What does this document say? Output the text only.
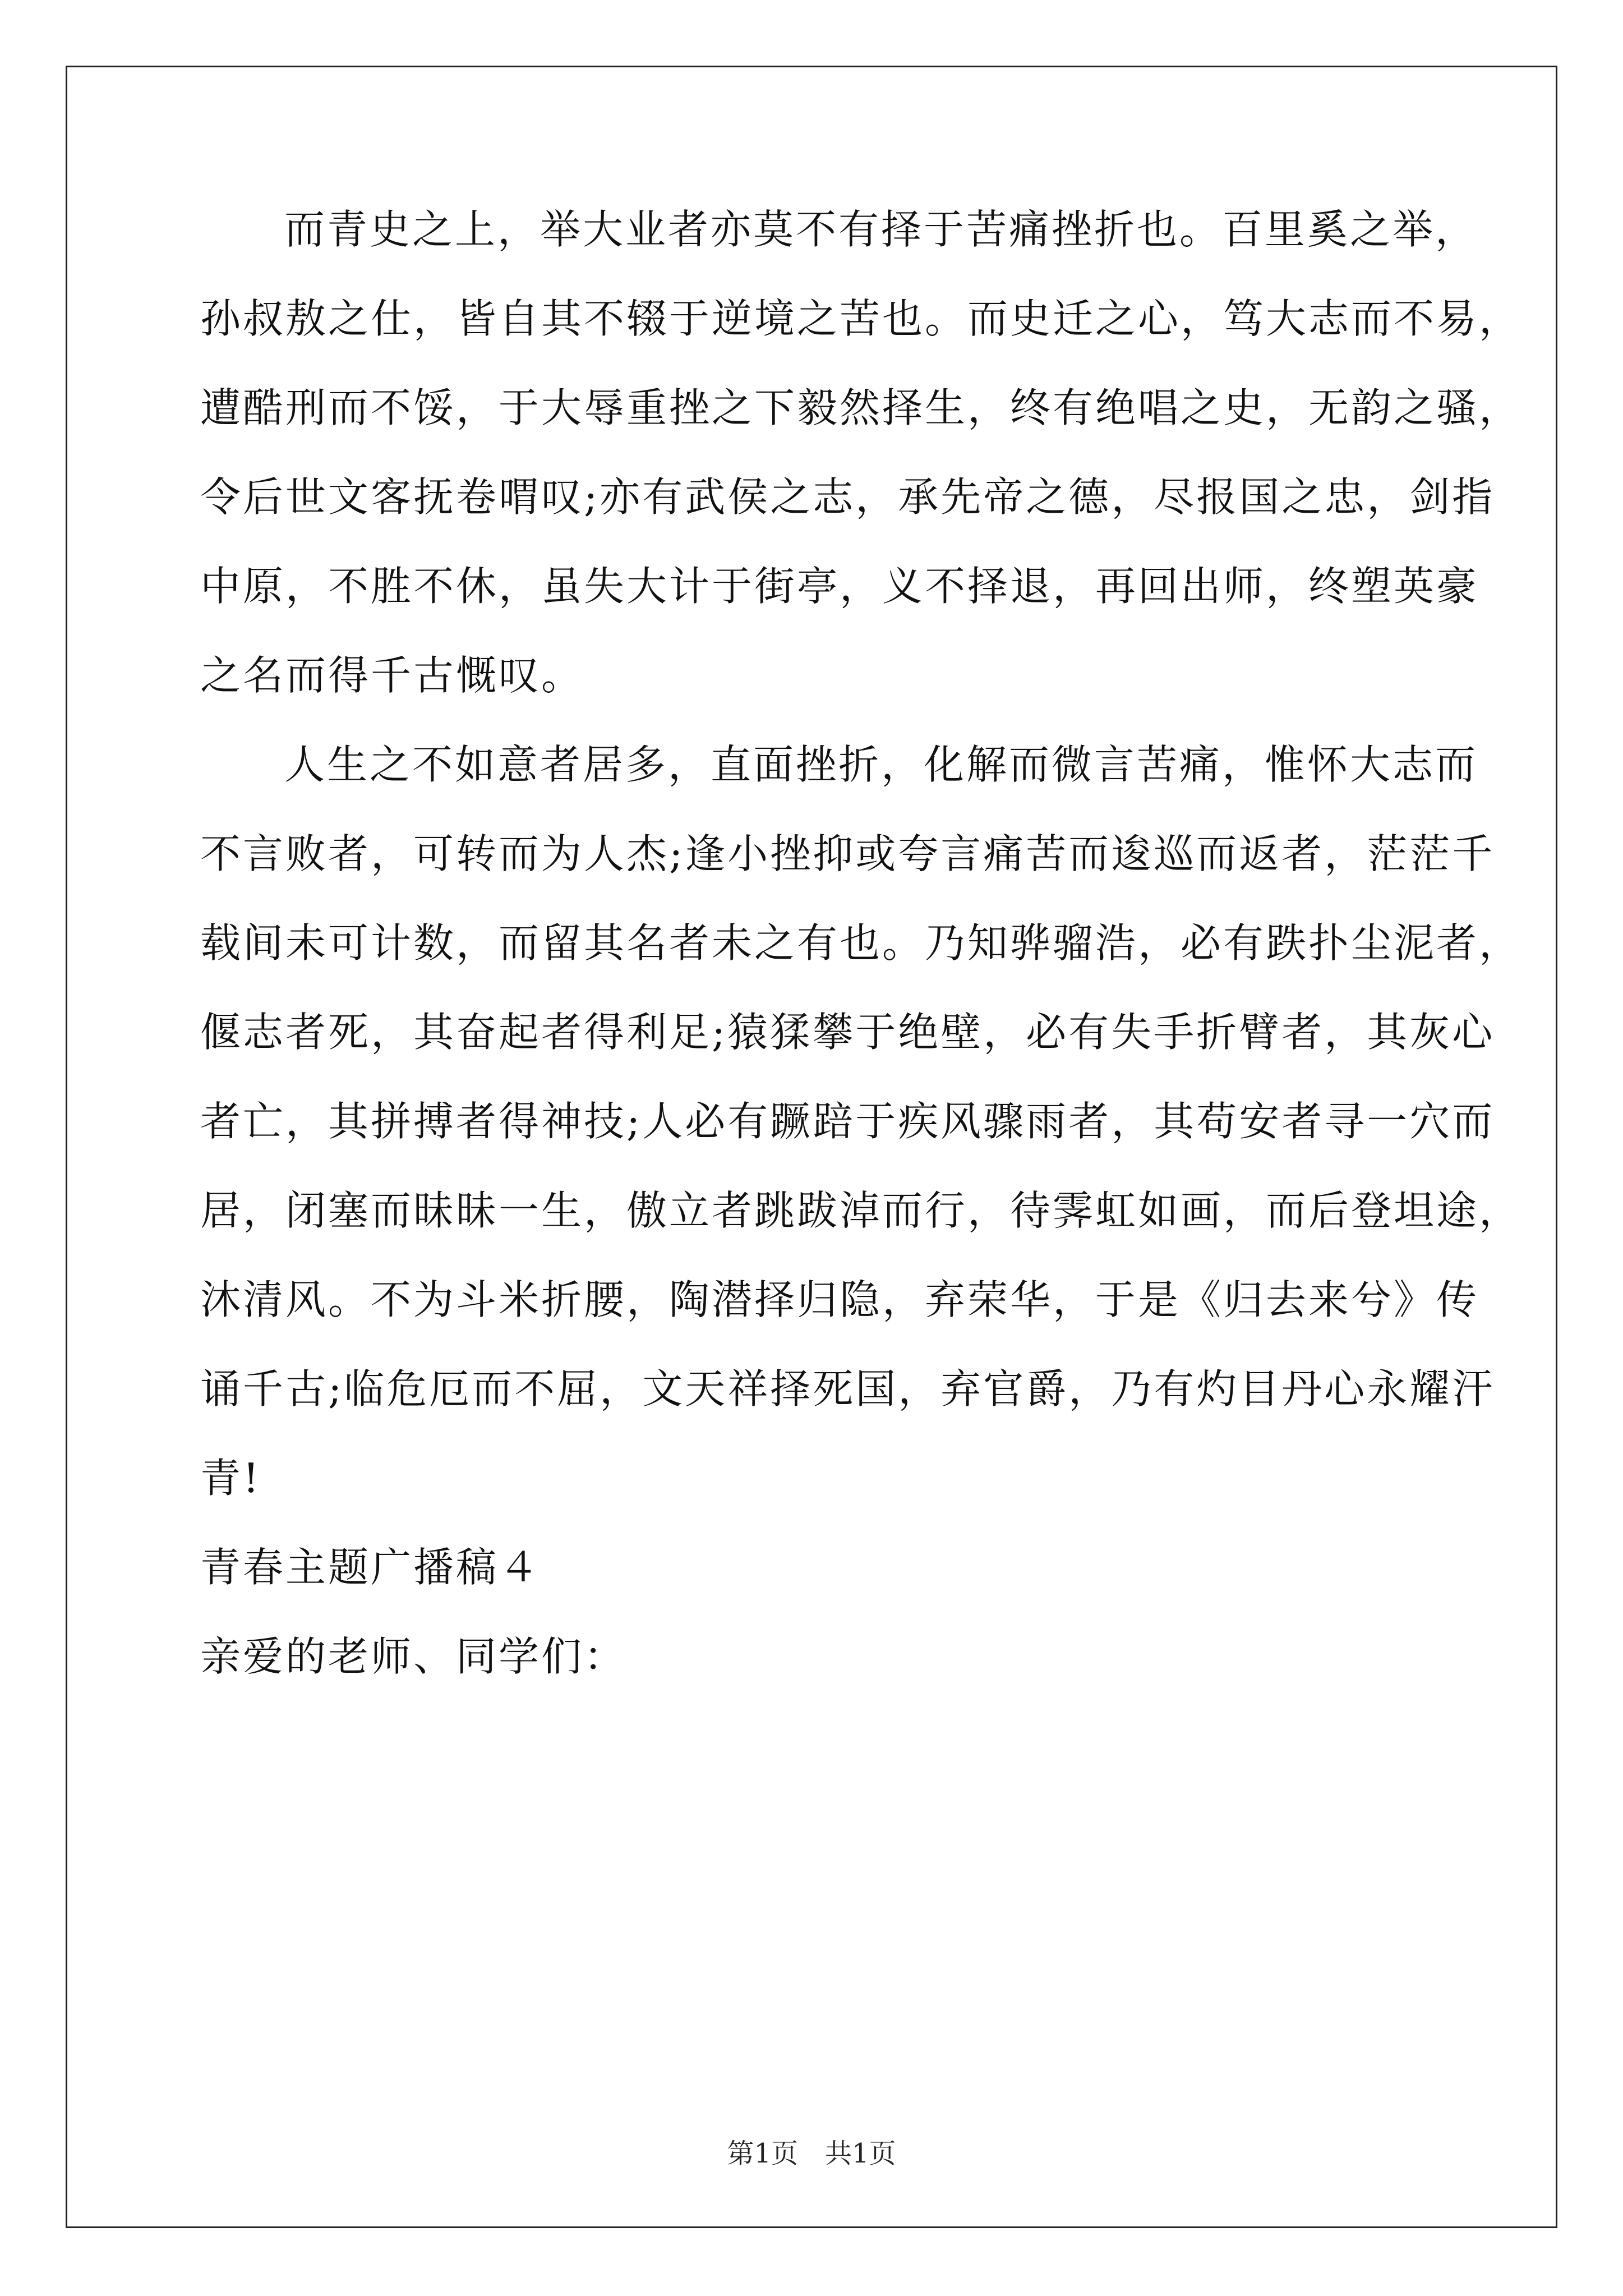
而青史之上，举大业者亦莫不有择于苦痛挫折也。百里奚之举，
孙叔敖之仕，皆自其不辍于逆境之苦也。而史迁之心，笃大志而不易，
遭酷刑而不馁，于大辱重挫之下毅然择生，终有绝唱之史，无韵之骚，
令后世文客抚卷喟叹;亦有武侯之志，承先帝之德，尽报国之忠，剑指
中原，不胜不休，虽失大计于街亭，义不择退，再回出师，终塑英豪
之名而得千古慨叹。

人生之不如意者居多，直面挫折，化解而微言苦痛，惟怀大志而
不言败者，可转而为人杰;逢小挫抑或夸言痛苦而逡巡而返者，茫茫千
载间未可计数，而留其名者未之有也。乃知骅骝浩，必有跌扑尘泥者，
偃志者死，其奋起者得利足;猿猱攀于绝壁，必有失手折臂者，其灰心
者亡，其拼搏者得神技;人必有蹶踣于疾风骤雨者，其苟安者寻一穴而
居，闭塞而昧昧一生，傲立者跳跋淖而行，待霁虹如画，而后登坦途，
沐清风。不为斗米折腰，陶潜择归隐，弃荣华，于是《归去来兮》传
诵千古;临危厄而不屈，文天祥择死国，弃官爵，乃有灼目丹心永耀汗
青!

青春主题广播稿４
亲爱的老师、同学们：
第1页　共1页
